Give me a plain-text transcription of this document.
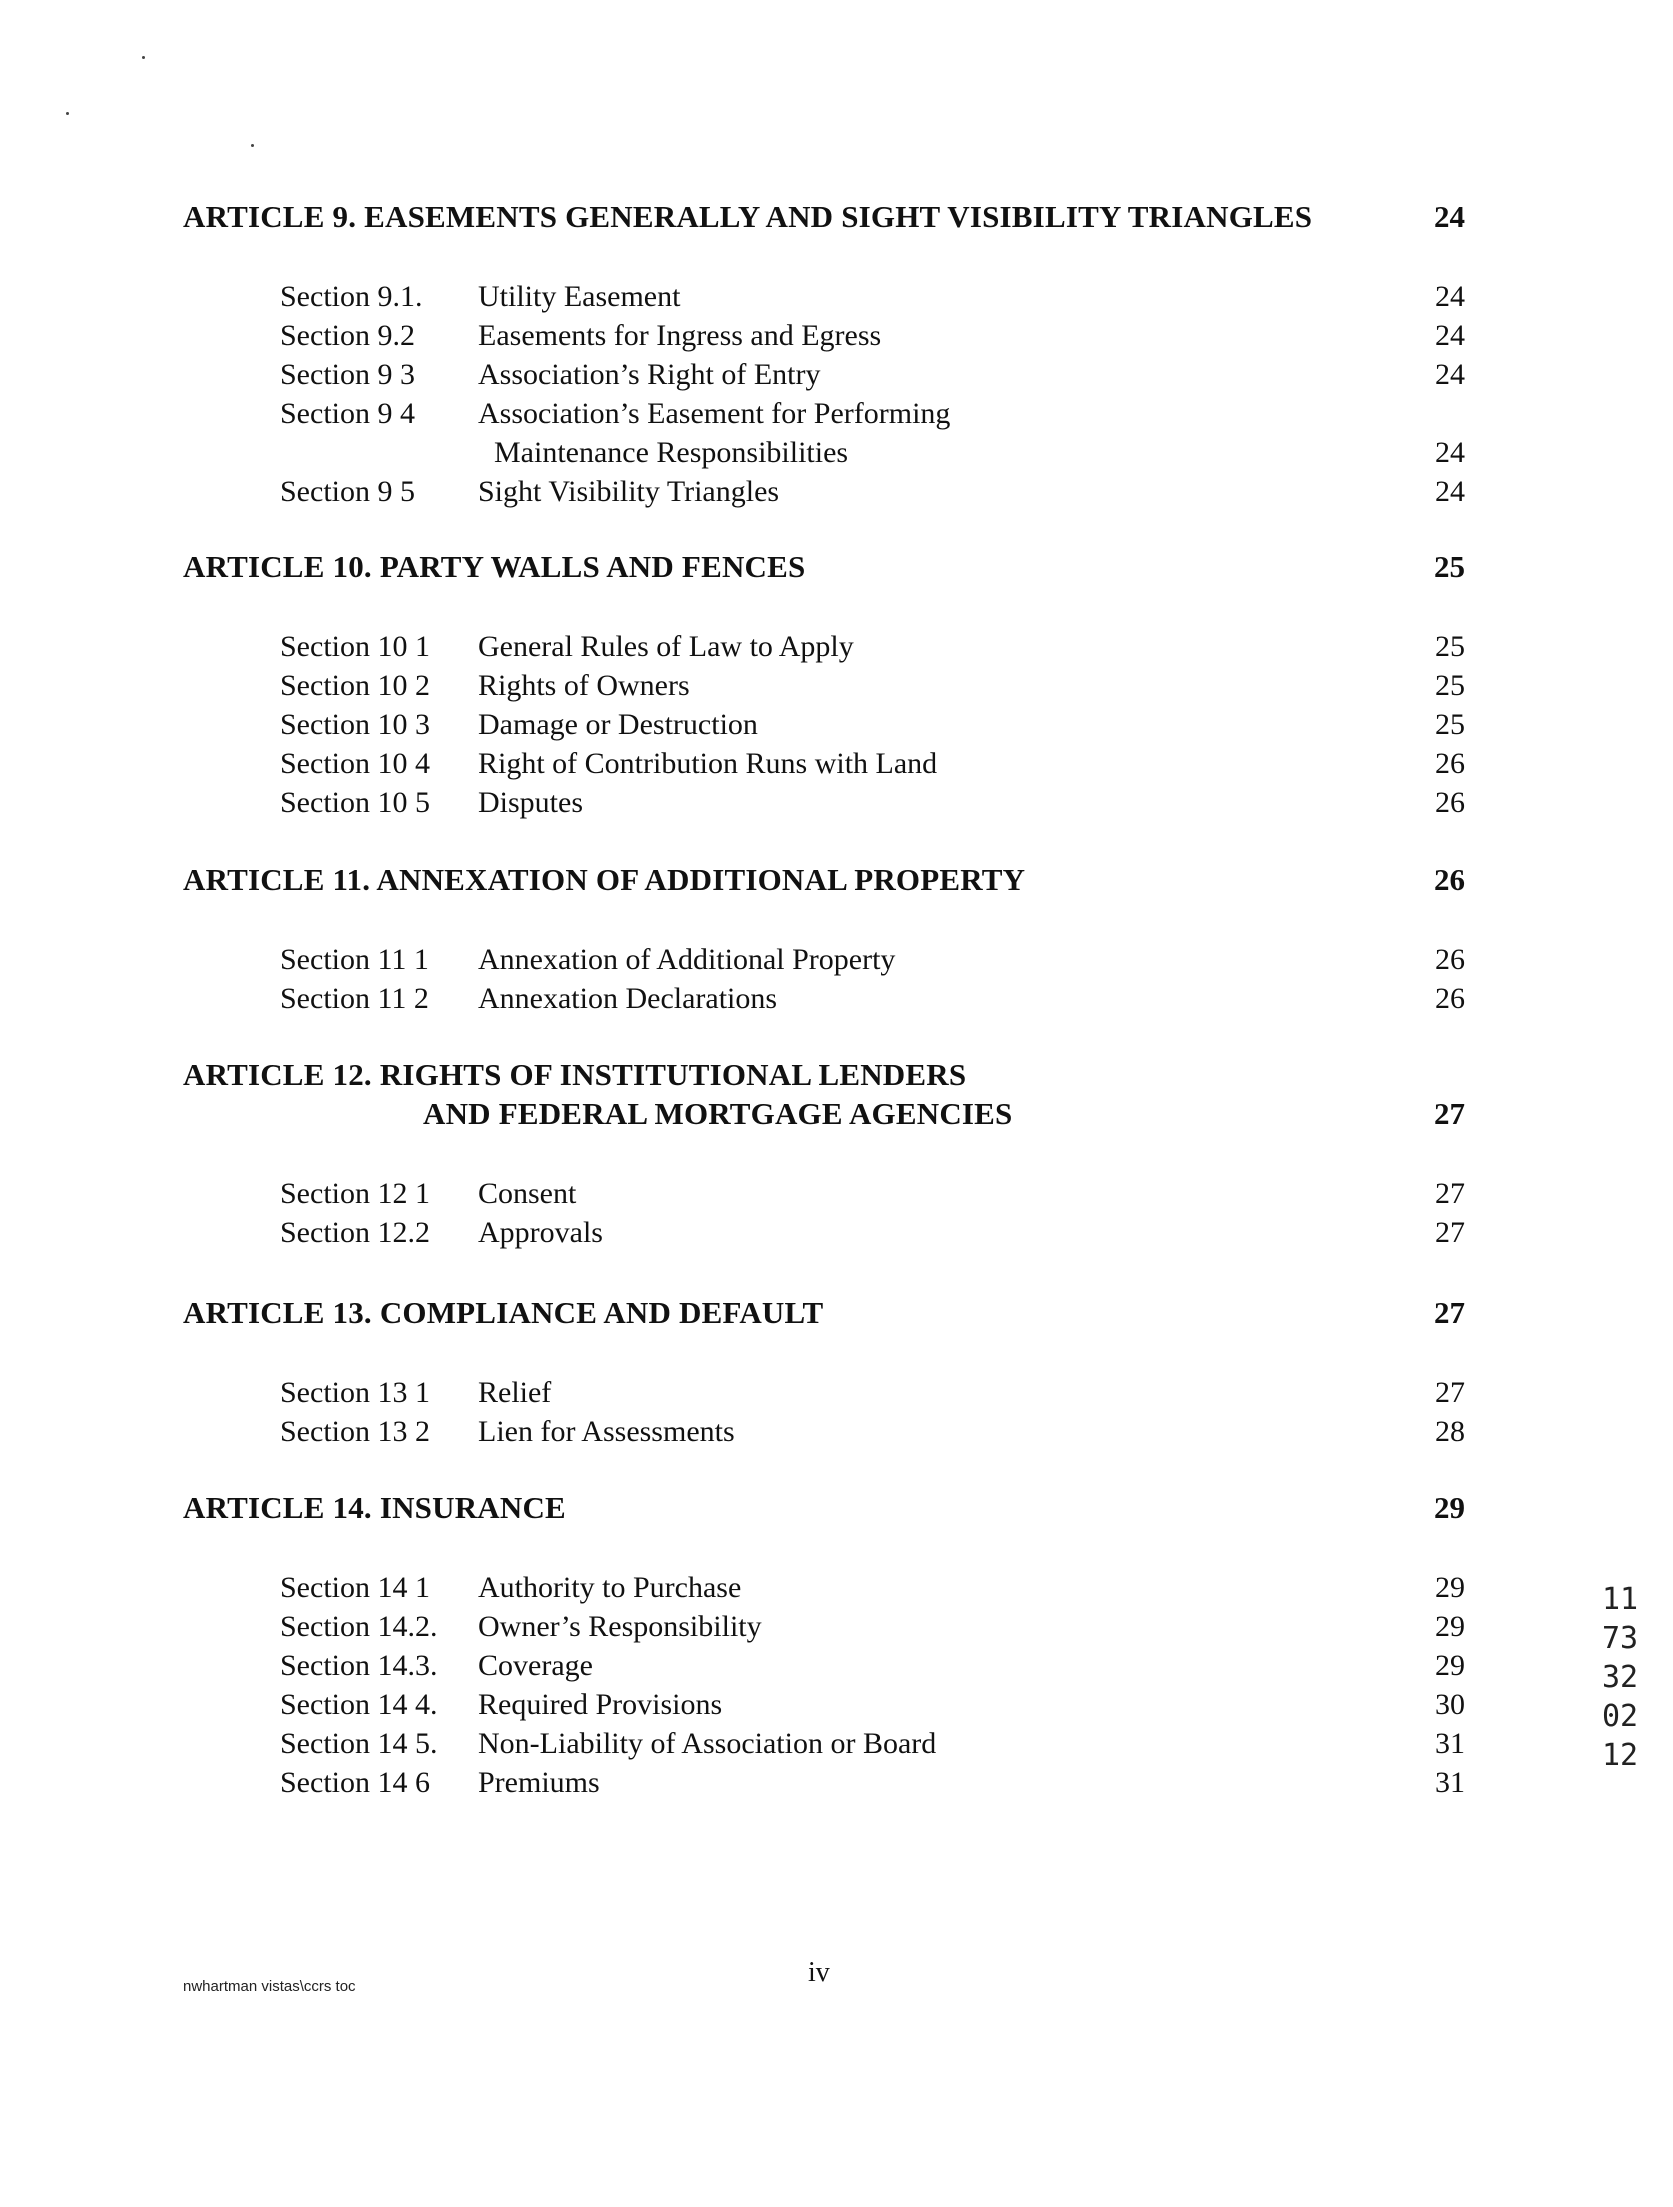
ARTICLE 9. EASEMENTS GENERALLY AND SIGHT VISIBILITY TRIANGLES	24
Section 9.1. Utility Easement	24
Section 9.2 Easements for Ingress and Egress	24
Section 9 3 Association’s Right of Entry	24
Section 9 4 Association’s Easement for Performing
Maintenance Responsibilities	24
Section 9 5 Sight Visibility Triangles	24
ARTICLE 10. PARTY WALLS AND FENCES	25
Section 10 1 General Rules of Law to Apply	25
Section 10 2 Rights of Owners	25
Section 10 3 Damage or Destruction	25
Section 10 4 Right of Contribution Runs with Land	26
Section 10 5 Disputes	26
ARTICLE 11. ANNEXATION OF ADDITIONAL PROPERTY	26
Section 11 1 Annexation of Additional Property	26
Section 11 2 Annexation Declarations	26
ARTICLE 12. RIGHTS OF INSTITUTIONAL LENDERS
AND FEDERAL MORTGAGE AGENCIES	27
Section 12 1 Consent	27
Section 12.2 Approvals	27
ARTICLE 13. COMPLIANCE AND DEFAULT	27
Section 13 1 Relief	27
Section 13 2 Lien for Assessments	28
ARTICLE 14. INSURANCE	29
Section 14 1 Authority to Purchase	29
Section 14.2. Owner’s Responsibility	29
Section 14.3. Coverage	29
Section 14 4. Required Provisions	30
Section 14 5. Non-Liability of Association or Board	31
Section 14 6 Premiums	31
nwhartman vistas\ccrs toc	iv
1173320212
